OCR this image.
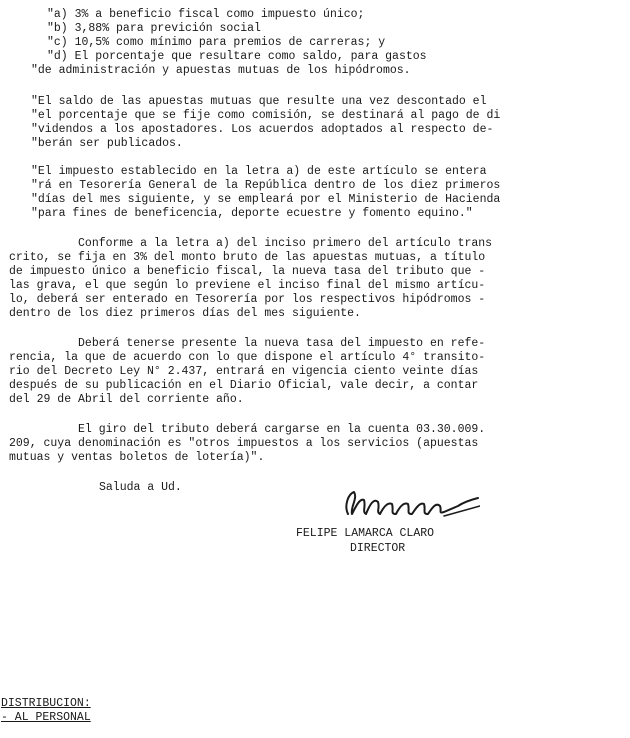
"a) 3% a beneficio fiscal como impuesto único;
"b) 3,88% para previción social
"c) 10,5% como mínimo para premios de carreras; y
"d) El porcentaje que resultare como saldo, para gastos
"de administración y apuestas mutuas de los hipódromos.
"El saldo de las apuestas mutuas que resulte una vez descontado el
"el porcentaje que se fije como comisión, se destinará al pago de di
"videndos a los apostadores. Los acuerdos adoptados al respecto de-
"berán ser publicados.
"El impuesto establecido en la letra a) de este artículo se entera
"rá en Tesorería General de la República dentro de los diez primeros
"días del mes siguiente, y se empleará por el Ministerio de Hacienda
"para fines de beneficencia, deporte ecuestre y fomento equino."
Conforme a la letra a) del inciso primero del artículo trans
crito, se fija en 3% del monto bruto de las apuestas mutuas, a título
de impuesto único a beneficio fiscal, la nueva tasa del tributo que -
las grava, el que según lo previene el inciso final del mismo artícu-
lo, deberá ser enterado en Tesorería por los respectivos hipódromos -
dentro de los diez primeros días del mes siguiente.
Deberá tenerse presente la nueva tasa del impuesto en refe-
rencia, la que de acuerdo con lo que dispone el artículo 4° transito-
rio del Decreto Ley N° 2.437, entrará en vigencia ciento veinte días
después de su publicación en el Diario Oficial, vale decir, a contar
del 29 de Abril del corriente año.
El giro del tributo deberá cargarse en la cuenta 03.30.009.
209, cuya denominación es "otros impuestos a los servicios (apuestas
mutuas y ventas boletos de lotería)".
Saluda a Ud.
FELIPE LAMARCA CLARO
DIRECTOR
DISTRIBUCION:
- AL PERSONAL
